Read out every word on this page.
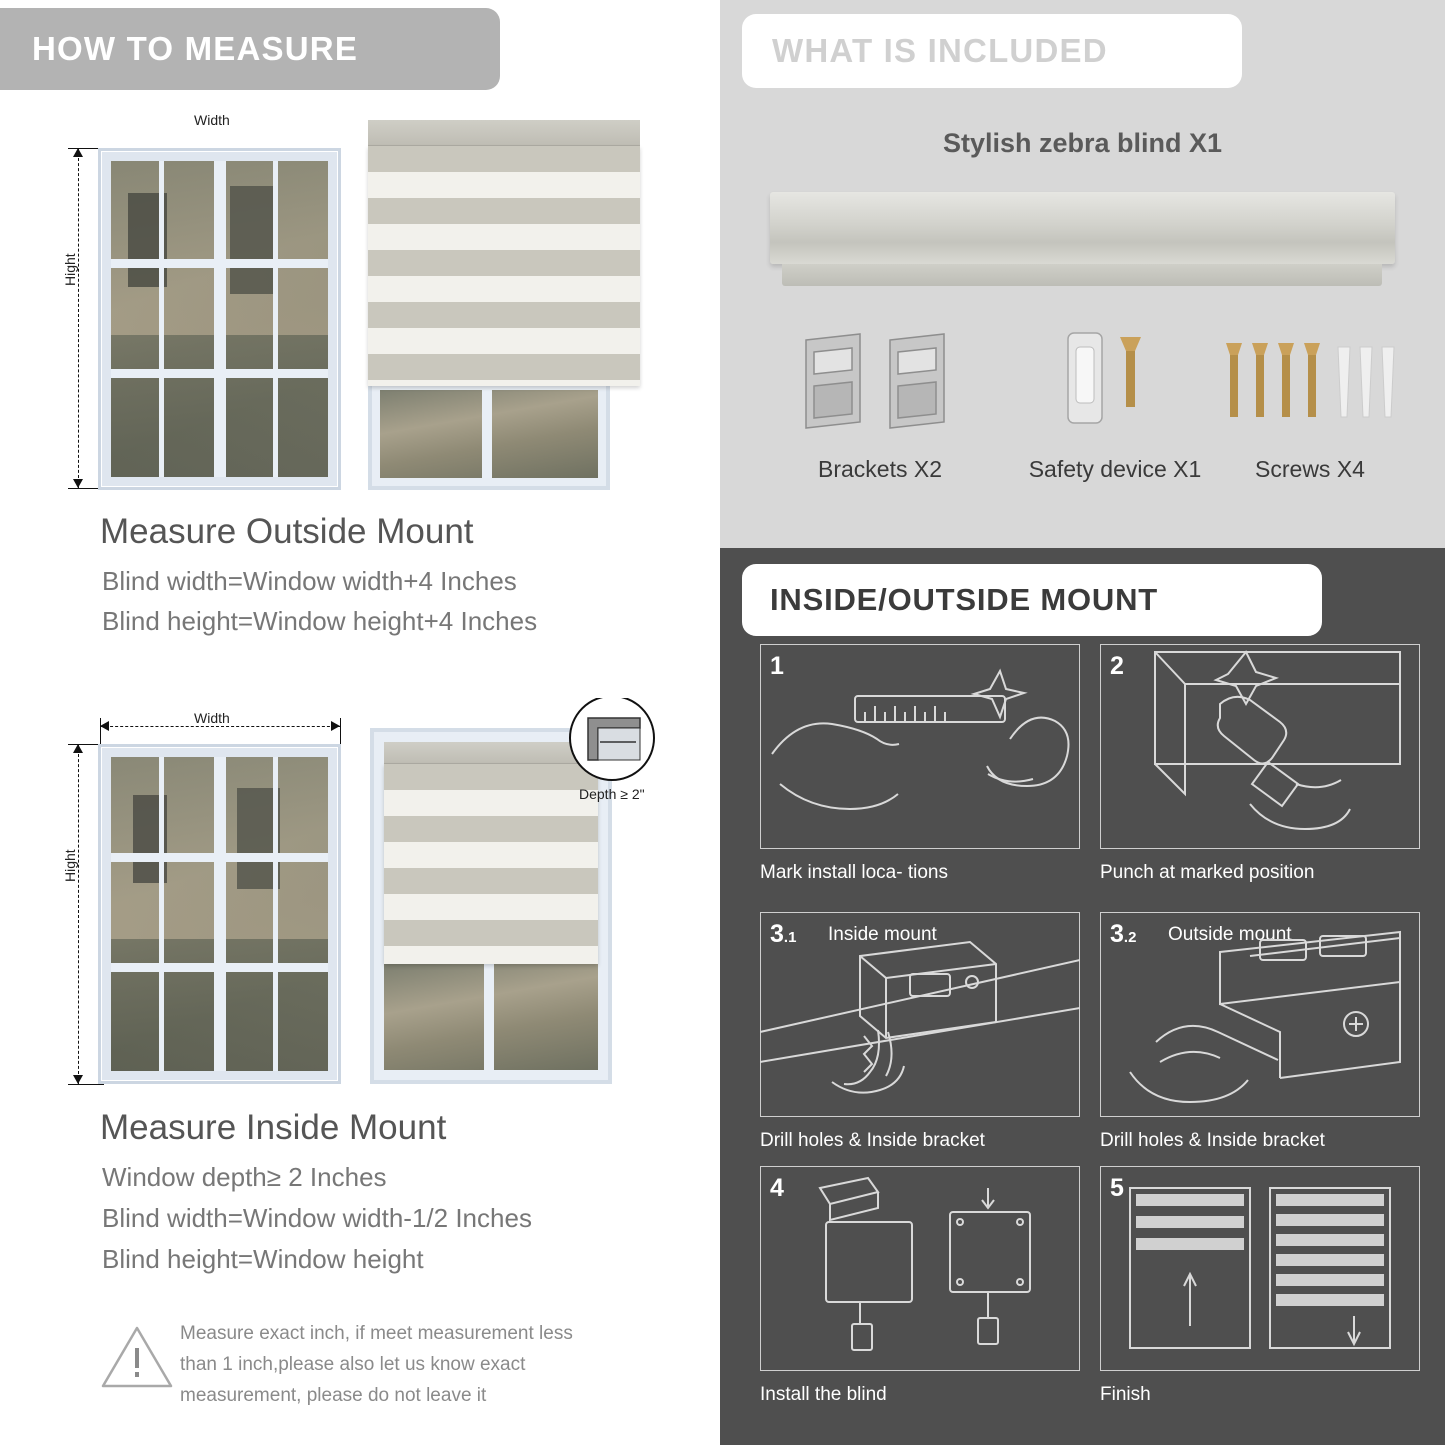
HOW TO MEASURE
Width
Hight
Measure Outside Mount
Blind width=Window width+4 Inches
Blind height=Window height+4 Inches
Width
Hight
Depth ≥ 2"
Measure Inside Mount
Window depth≥ 2 Inches
Blind width=Window width-1/2 Inches
Blind height=Window height
Measure exact inch, if meet measurement less
than 1 inch,please also let us know exact
measurement, please do not leave it
WHAT IS INCLUDED
Stylish zebra blind X1
Brackets X2	Safety device X1	Screws X4
INSIDE/OUTSIDE MOUNT
1
Mark install loca- tions
2
Punch at marked position
3.1 Inside mount
Drill holes & Inside bracket
3.2 Outside mount
Drill holes & Inside bracket
4
Install the blind
5
Finish
